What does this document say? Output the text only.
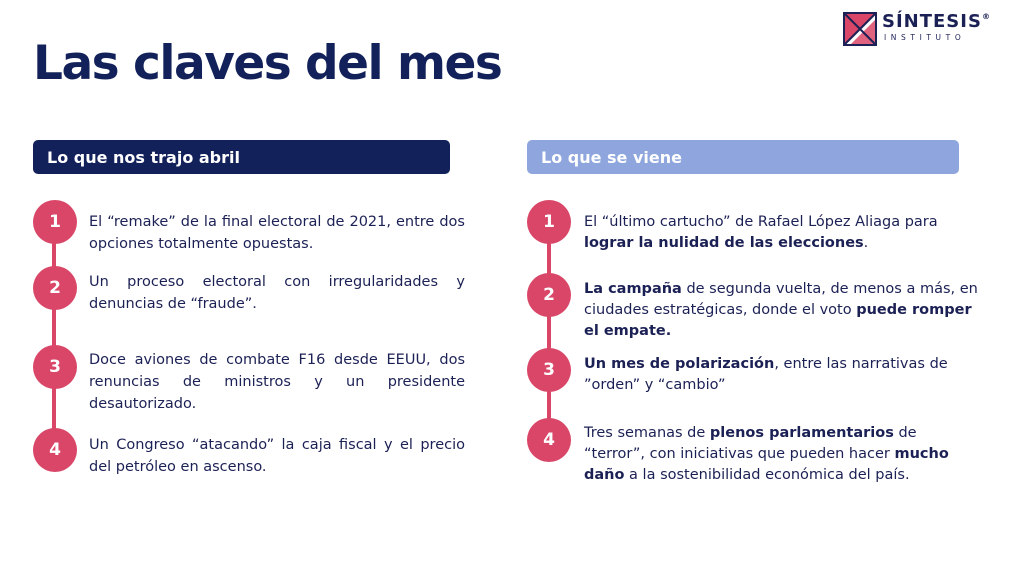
Las claves del mes
SÍNTESIS®
INSTITUTO
Lo que nos trajo abril
1	El “remake” de la final electoral de 2021, entre dos opciones totalmente opuestas.
2	Un proceso electoral con irregularidades y denuncias de “fraude”.
3	Doce aviones de combate F16 desde EEUU, dos renuncias de ministros y un presidente desautorizado.
4	Un Congreso “atacando” la caja fiscal y el precio del petróleo en ascenso.
Lo que se viene
1	El “último cartucho” de Rafael López Aliaga para lograr la nulidad de las elecciones.
2	La campaña de segunda vuelta, de menos a más, en ciudades estratégicas, donde el voto puede romper el empate.
3	Un mes de polarización, entre las narrativas de ”orden” y “cambio”
4	Tres semanas de plenos parlamentarios de “terror”, con iniciativas que pueden hacer mucho daño a la sostenibilidad económica del país.
